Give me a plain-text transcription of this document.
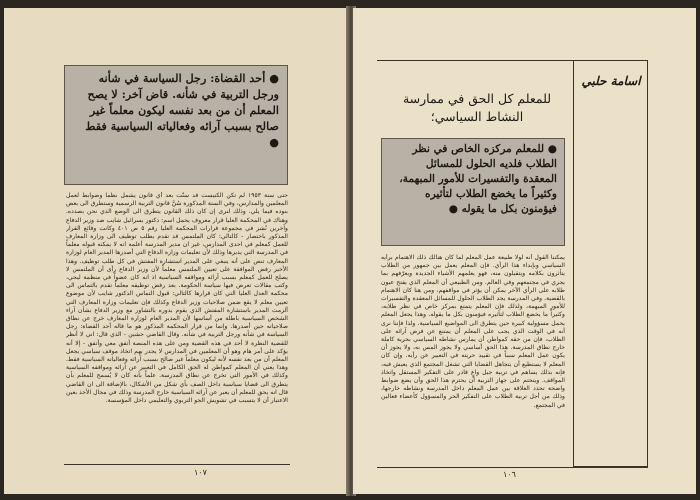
● أحد القضاة: رجل السياسة في شأنه ورجل التربية في شأنه. قاض آخر: لا يصح المعلم أن من بعد نفسه ليكون معلماً غير صالح بسبب آرائه وفعالياته السياسية فقط ●
حتى سنة ١٩٥٣ لم تكن الكنيست قد سنَّت بعد أي قانون يشمل نظماً وضوابط لعمل المعلمين والمدارس، وفي السنة المذكورة سُنَّ قانون التربية الرسمية وستطرق الى بعض بنوده فيما يلي. وذلك لنرى إن كان ذلك القانون يتطرق الى الوضع الذي نحن بصدده. وهناك في المحكمة العليا قرار معروف يحمل اسم: دكتور بسرائيل شايب ضد وزير الدفاع وآخرين نُشر في مجموعة قرارات المحكمة العليا رقم ٥ ص ٤٠١ وكانت وقائع القرار المذكور باختصار - كالتالي: كان الملتمس قد تقدم بطلب توظيف الى وزارة المعارف للعمل كمعلم في احدى المدارس، غير ان مدير المدرسة أعلمه انه لا يمكنه قبوله معلماً في المدرسة التي يديرها وذلك لأن تعليمات وزارة الدفاع التي أصدرها المدير العام لوزارة المعارف تنص على أنه ينبغي على المدير استشارة المفتش في كل طلب توظيف. وهذا الأخير رفض الموافقة على تعيين الملتمس معلماً لأن وزير الدفاع رأى أن الملتمس لا يصلح للعمل كمعلم بسبب آرائه ومواقفه السياسية اذ انه كان عضواً في منظمة ليحي، وكتب مقالات تعرض فيها سياسة الحكومة. بعد رفض توظيفه معلماً تقدم بالتماس الى محكمة العدل العليا التي كان قرارها كالتالي: قبول التماس الدكتور شايب لأن موضوع تعيين معلم لا يقع ضمن صلاحيات وزير الدفاع وكذلك فإن تعليمات وزارة المعارف التي ألزمت المدير باستشارة المفتش الذي يقوم بدوره بالتشاور مع وزير الدفاع بشأن آراء الشخص السياسية باطلة من أساسها لأن المدير العام لوزارة المعارف خرج عن نطاق صلاحياته حين أصدرها. وإنما من قرار المحكمة المذكور هو ما قاله أحد القضاة: رجل السياسة في شأنه ورجل التربية في شأنه. وقال القاضي حشين - الذي قال: اني لا أنظر للقضية النظرة لا أحد في هذه القضية ومن على هذه المنصة أتفق معي وأتفق - إلا أنه يؤكد على أمر هام وهو أن المعلمين في المدارس لا يجدر بهم اتخاذ موقف سياسي يجعل المعلم أن من بعد نفسه لأنه ليكون معلماً غير صالح بسبب آرائه وفعالياته السياسية فقط. وهذا يعني أن المعلم كمواطن له الحق الكامل في التعبير عن آرائه ومواقفه السياسية وكذلك في الأمور التي تخرج عن نطاق المدرسة. علماً بأنه كان لا يُسمح للمعلم بأن يتطرق الى قضايا سياسية داخل الصف بأي شكل من الأشكال، بالإضافة الى ان القاضي قال انه يحق للمعلم أن يعبر عن آرائه السياسية خارج المدرسة وذلك في مجال الأخذ بعين الاعتبار أن لا يتسبب في تشويش الجو التربوي والتعليمي داخل المؤسسة.
١٠٧
اسامة حلبي
للمعلم كل الحق في ممارسة النشاط السياسي؛
● للمعلم مركزه الخاص في نظر الطلاب فلديه الحلول للمسائل المعقدة والتفسيرات للأمور المبهمة، وكثيراً ما يخضع الطلاب لتأثيره فيؤمنون بكل ما يقوله ●
يمكننا القول أنه لولا طبيعة عمل المعلم لما كان هنالك ذلك الاهتمام برأيه السياسي وبإبداء هذا الرأي. فإن المعلم يعمل بين جمهور من الطلاب يتأثرون بكلامه ويتقبلون منه، فهو يعلمهم الأشياء الجديدة ويعرّفهم بما يجري في مجتمعهم وفي العالم. ومن الطبيعي أن المعلم الذي يفتح عيون طلابه على الرأي الآخر يمكن أن يؤثر في مواقفهم، ومن هنا كان الاهتمام بالقضية. وفي المدرسة يجد الطلاب الحلول للمسائل المعقدة والتفسيرات للأمور المبهمة، ولذلك فإن المعلم يتمتع بمركز خاص في نظر طلابه، وكثيراً ما يخضع الطلاب لتأثيره فيؤمنون بكل ما يقوله. وهذا يجعل المعلم يحمل مسؤولية كبيرة حين يتطرق الى المواضيع السياسية. ولذا فإننا نرى أنه في الوقت الذي يجب على المعلم أن يمتنع عن فرض آرائه على الطلاب، فإن من حقه كمواطن أن يمارس نشاطه السياسي بحرية كاملة خارج نطاق المدرسة. هذا الحق أساسي ولا يجوز المس به، ولا يجوز أن يكون عمل المعلم سبباً في تقييد حريته في التعبير عن رأيه. وإن كان المعلم لا يستطيع أن يتجاهل القضايا التي تشغل المجتمع الذي يعيش فيه، فإنه بذلك يساهم في تربية جيل واعٍ قادر على التفكير المستقل واتخاذ المواقف. ويتحتم على جهاز التربية أن يحترم هذا الحق وأن يضع ضوابط واضحة تحدد العلاقة بين عمل المعلم داخل المدرسة ونشاطه خارجها، وذلك من أجل تربية الطلاب على التفكير الحر والمسؤول كأعضاء فعالين في المجتمع.
١٠٦
